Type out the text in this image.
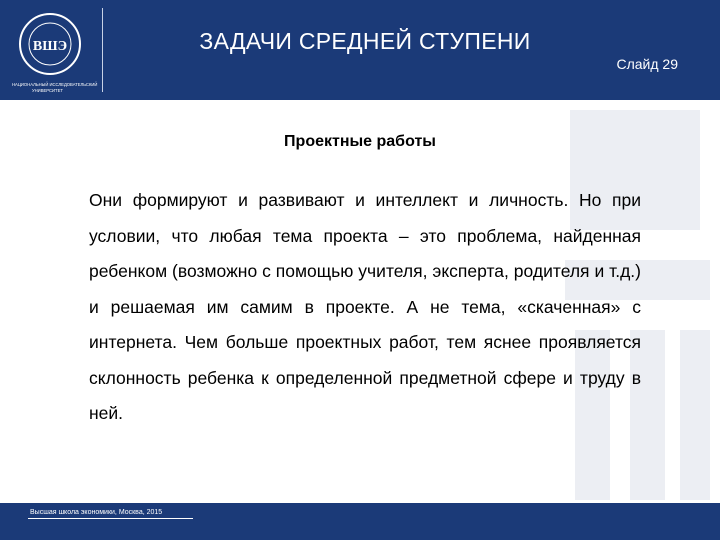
ВШЭ
НАЦИОНАЛЬНЫЙ ИССЛЕДОВАТЕЛЬСКИЙ
УНИВЕРСИТЕТ
ЗАДАЧИ СРЕДНЕЙ СТУПЕНИ
Слайд 29
Проектные работы
Они формируют и развивают и интеллект и личность. Но при условии, что любая тема проекта – это проблема, найденная ребенком (возможно с помощью учителя, эксперта, родителя и т.д.) и решаемая им самим в проекте. А не тема, «скаченная» с интернета. Чем больше проектных работ, тем яснее проявляется склонность ребенка к определенной предметной сфере и труду в ней.
Высшая школа экономики, Москва, 2015
